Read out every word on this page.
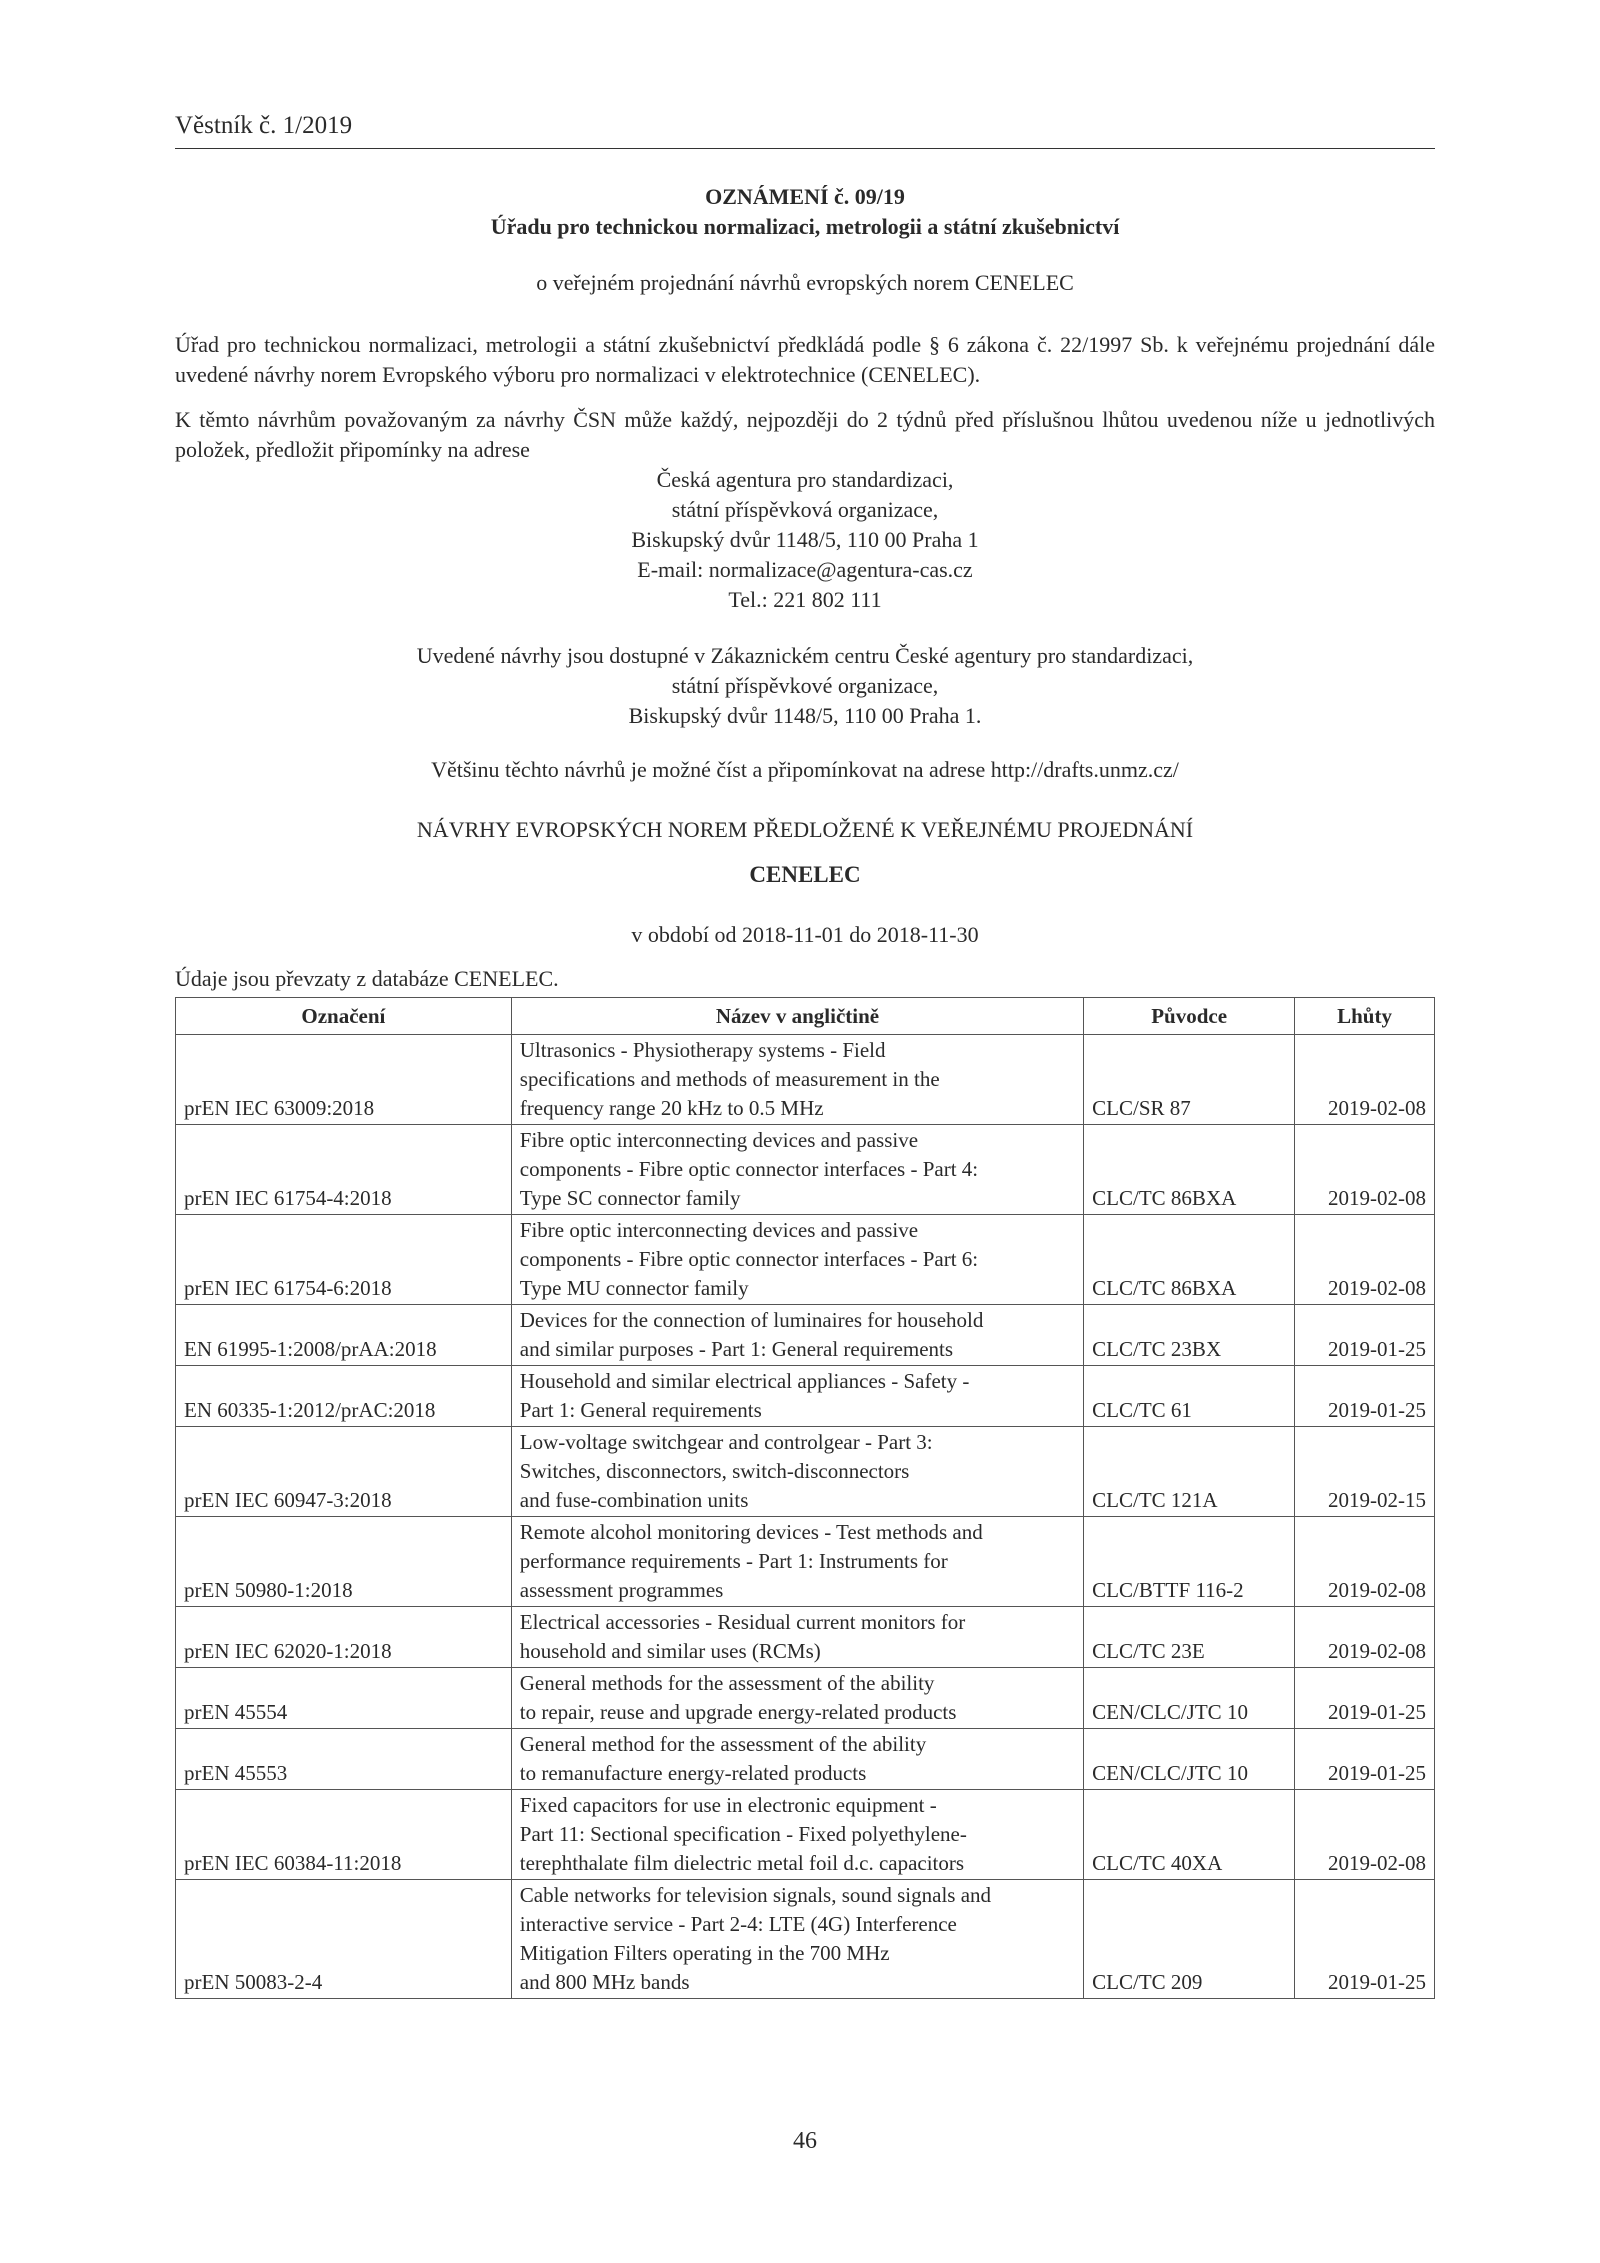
Věstník č. 1/2019
OZNÁMENÍ č. 09/19
Úřadu pro technickou normalizaci, metrologii a státní zkušebnictví
o veřejném projednání návrhů evropských norem CENELEC
Úřad pro technickou normalizaci, metrologii a státní zkušebnictví předkládá podle § 6 zákona č. 22/1997 Sb. k veřejnému projednání dále uvedené návrhy norem Evropského výboru pro normalizaci v elektrotechnice (CENELEC).
K těmto návrhům považovaným za návrhy ČSN může každý, nejpozději do 2 týdnů před příslušnou lhůtou uvedenou níže u jednotlivých položek, předložit připomínky na adrese
Česká agentura pro standardizaci,
státní příspěvková organizace,
Biskupský dvůr 1148/5, 110 00 Praha 1
E-mail: normalizace@agentura-cas.cz
Tel.: 221 802 111
Uvedené návrhy jsou dostupné v Zákaznickém centru České agentury pro standardizaci,
státní příspěvkové organizace,
Biskupský dvůr 1148/5, 110 00 Praha 1.
Většinu těchto návrhů je možné číst a připomínkovat na adrese http://drafts.unmz.cz/
NÁVRHY EVROPSKÝCH NOREM PŘEDLOŽENÉ K VEŘEJNÉMU PROJEDNÁNÍ
CENELEC
v období od 2018-11-01 do 2018-11-30
Údaje jsou převzaty z databáze CENELEC.
Označení	Název v angličtině	Původce	Lhůty
prEN IEC 63009:2018	Ultrasonics - Physiotherapy systems - Field
specifications and methods of measurement in the
frequency range 20 kHz to 0.5 MHz	CLC/SR 87	2019-02-08
prEN IEC 61754-4:2018	Fibre optic interconnecting devices and passive
components - Fibre optic connector interfaces - Part 4:
Type SC connector family	CLC/TC 86BXA	2019-02-08
prEN IEC 61754-6:2018	Fibre optic interconnecting devices and passive
components - Fibre optic connector interfaces - Part 6:
Type MU connector family	CLC/TC 86BXA	2019-02-08
EN 61995-1:2008/prAA:2018	Devices for the connection of luminaires for household
and similar purposes - Part 1: General requirements	CLC/TC 23BX	2019-01-25
EN 60335-1:2012/prAC:2018	Household and similar electrical appliances - Safety -
Part 1: General requirements	CLC/TC 61	2019-01-25
prEN IEC 60947-3:2018	Low-voltage switchgear and controlgear - Part 3:
Switches, disconnectors, switch-disconnectors
and fuse-combination units	CLC/TC 121A	2019-02-15
prEN 50980-1:2018	Remote alcohol monitoring devices - Test methods and
performance requirements - Part 1: Instruments for
assessment programmes	CLC/BTTF 116-2	2019-02-08
prEN IEC 62020-1:2018	Electrical accessories - Residual current monitors for
household and similar uses (RCMs)	CLC/TC 23E	2019-02-08
prEN 45554	General methods for the assessment of the ability
to repair, reuse and upgrade energy-related products	CEN/CLC/JTC 10	2019-01-25
prEN 45553	General method for the assessment of the ability
to remanufacture energy-related products	CEN/CLC/JTC 10	2019-01-25
prEN IEC 60384-11:2018	Fixed capacitors for use in electronic equipment -
Part 11: Sectional specification - Fixed polyethylene-
terephthalate film dielectric metal foil d.c. capacitors	CLC/TC 40XA	2019-02-08
prEN 50083-2-4	Cable networks for television signals, sound signals and
interactive service - Part 2-4: LTE (4G) Interference
Mitigation Filters operating in the 700 MHz
and 800 MHz bands	CLC/TC 209	2019-01-25
46
